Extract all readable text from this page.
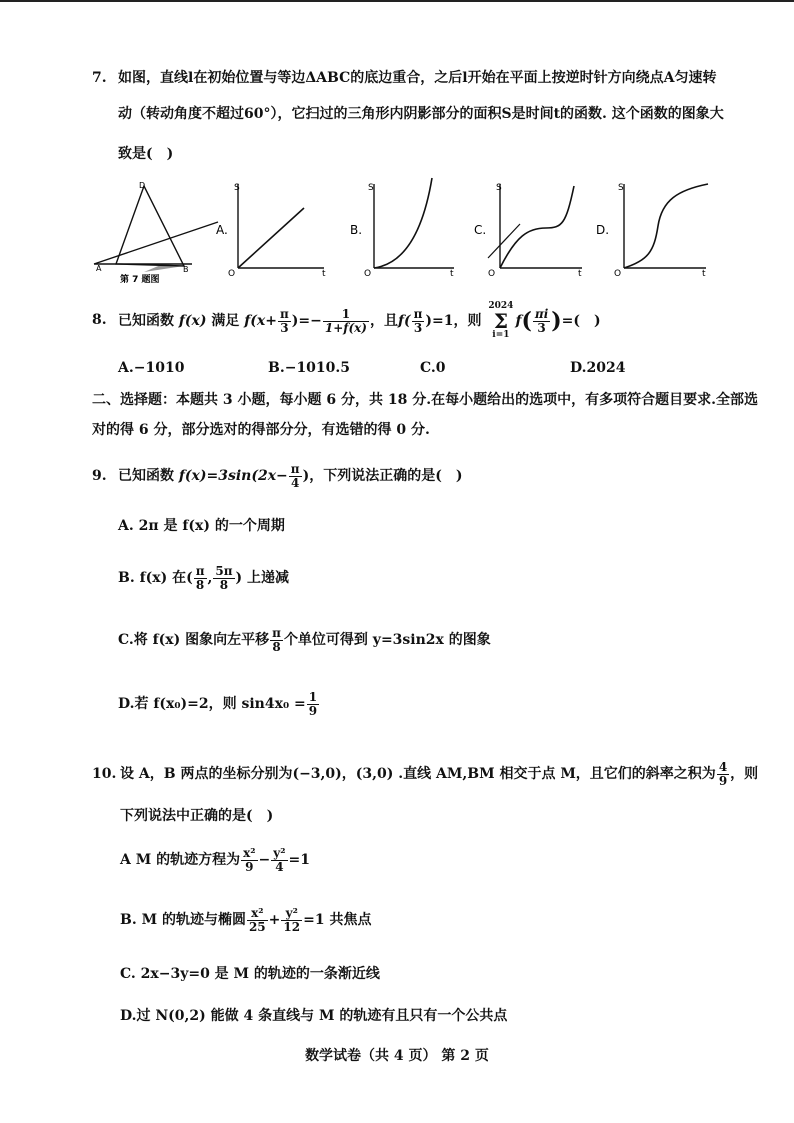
7. 如图，直线l在初始位置与等边ΔABC的底边重合，之后l开始在平面上按逆时针方向绕点A匀速转
动（转动角度不超过60°），它扫过的三角形内阴影部分的面积S是时间t的函数. 这个函数的图象大
致是(　)
D
A	B
第 7 题图
A.
S
O	t
B.
S
O	t
C.
S
O	t
D.
S
O	t
8. 已知函数 f(x) 满足 $f(x+ \frac{\pi}{3}$ )=− $\frac{1}{1+f(x)}$ ，且$f( \frac{\pi}{3} )=1$，则 2024
Σ
$i=1f( \frac{\pi i}{3}$ )=(　)
A.−1010	B.−1010.5	C.0	D.2024
二、选择题：本题共 3 小题，每小题 6 分，共 18 分.在每小题给出的选项中，有多项符合题目要求.全部选
对的得 6 分，部分选对的得部分分，有选错的得 0 分.
9. 已知函数 $f(x)=3\sin(2x- \frac{\pi}{4}$ )，下列说法正确的是(　)
A. 2π 是 f(x) 的一个周期
B. f(x) 在( $\frac{\pi}{8}$ , $\frac{5\pi}{8}$ ) 上递减
C.将 f(x) 图象向左平移 $\frac{\pi}{8}$ 个单位可得到 y=3sin2x 的图象
D.若 f(x₀)=2，则 $\sin 4x_0 = \frac{1}{9}$
10. 设 A，B 两点的坐标分别为(−3,0)，(3,0) .直线 AM,BM 相交于点 M，且它们的斜率之积为 $\frac{4}{9}$ ，则
下列说法中正确的是(　)
A M 的轨迹方程为 $\frac{\text{x²}}{9} - \frac{\text{y²}}{4} =1$
B. M 的轨迹与椭圆 $\frac{\text{x²}}{25} + \frac{\text{y²}}{12} =1$ 共焦点
C. 2x−3y=0 是 M 的轨迹的一条渐近线
D.过 N(0,2) 能做 4 条直线与 M 的轨迹有且只有一个公共点
数学试卷（共 4 页） 第 2 页
